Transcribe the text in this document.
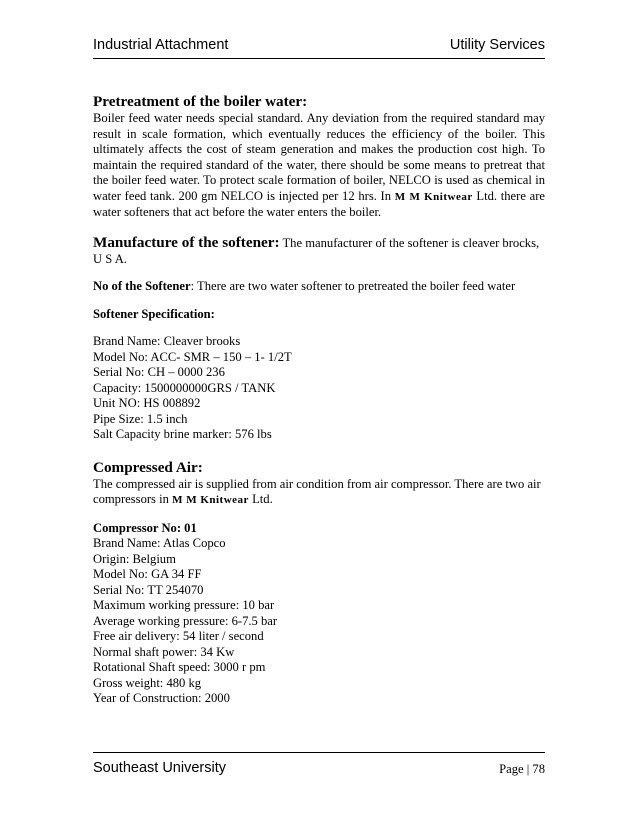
Industrial Attachment	Utility Services

Pretreatment of the boiler water:

Boiler feed water needs special standard. Any deviation from the required standard may result in scale formation, which eventually reduces the efficiency of the boiler. This ultimately affects the cost of steam generation and makes the production cost high. To maintain the required standard of the water, there should be some means to pretreat that the boiler feed water. To protect scale formation of boiler, NELCO is used as chemical in water feed tank. 200 gm NELCO is injected per 12 hrs. In M M Knitwear Ltd. there are water softeners that act before the water enters the boiler.

Manufacture of the softener: The manufacturer of the softener is cleaver brocks, U S A.

No of the Softener: There are two water softener to pretreated the boiler feed water

Softener Specification:

Brand Name: Cleaver brooks
Model No: ACC- SMR – 150 – 1- 1/2T
Serial No: CH – 0000 236
Capacity: 1500000000GRS / TANK
Unit NO: HS 008892
Pipe Size: 1.5 inch
Salt Capacity brine marker: 576 lbs

Compressed Air:

The compressed air is supplied from air condition from air compressor. There are two air compressors in M M Knitwear Ltd.

Compressor No: 01

Brand Name: Atlas Copco
Origin: Belgium
Model No: GA 34 FF
Serial No: TT 254070
Maximum working pressure: 10 bar
Average working pressure: 6-7.5 bar
Free air delivery: 54 liter / second
Normal shaft power: 34 Kw
Rotational Shaft speed: 3000 r pm
Gross weight: 480 kg
Year of Construction: 2000
Southeast University	Page | 78
